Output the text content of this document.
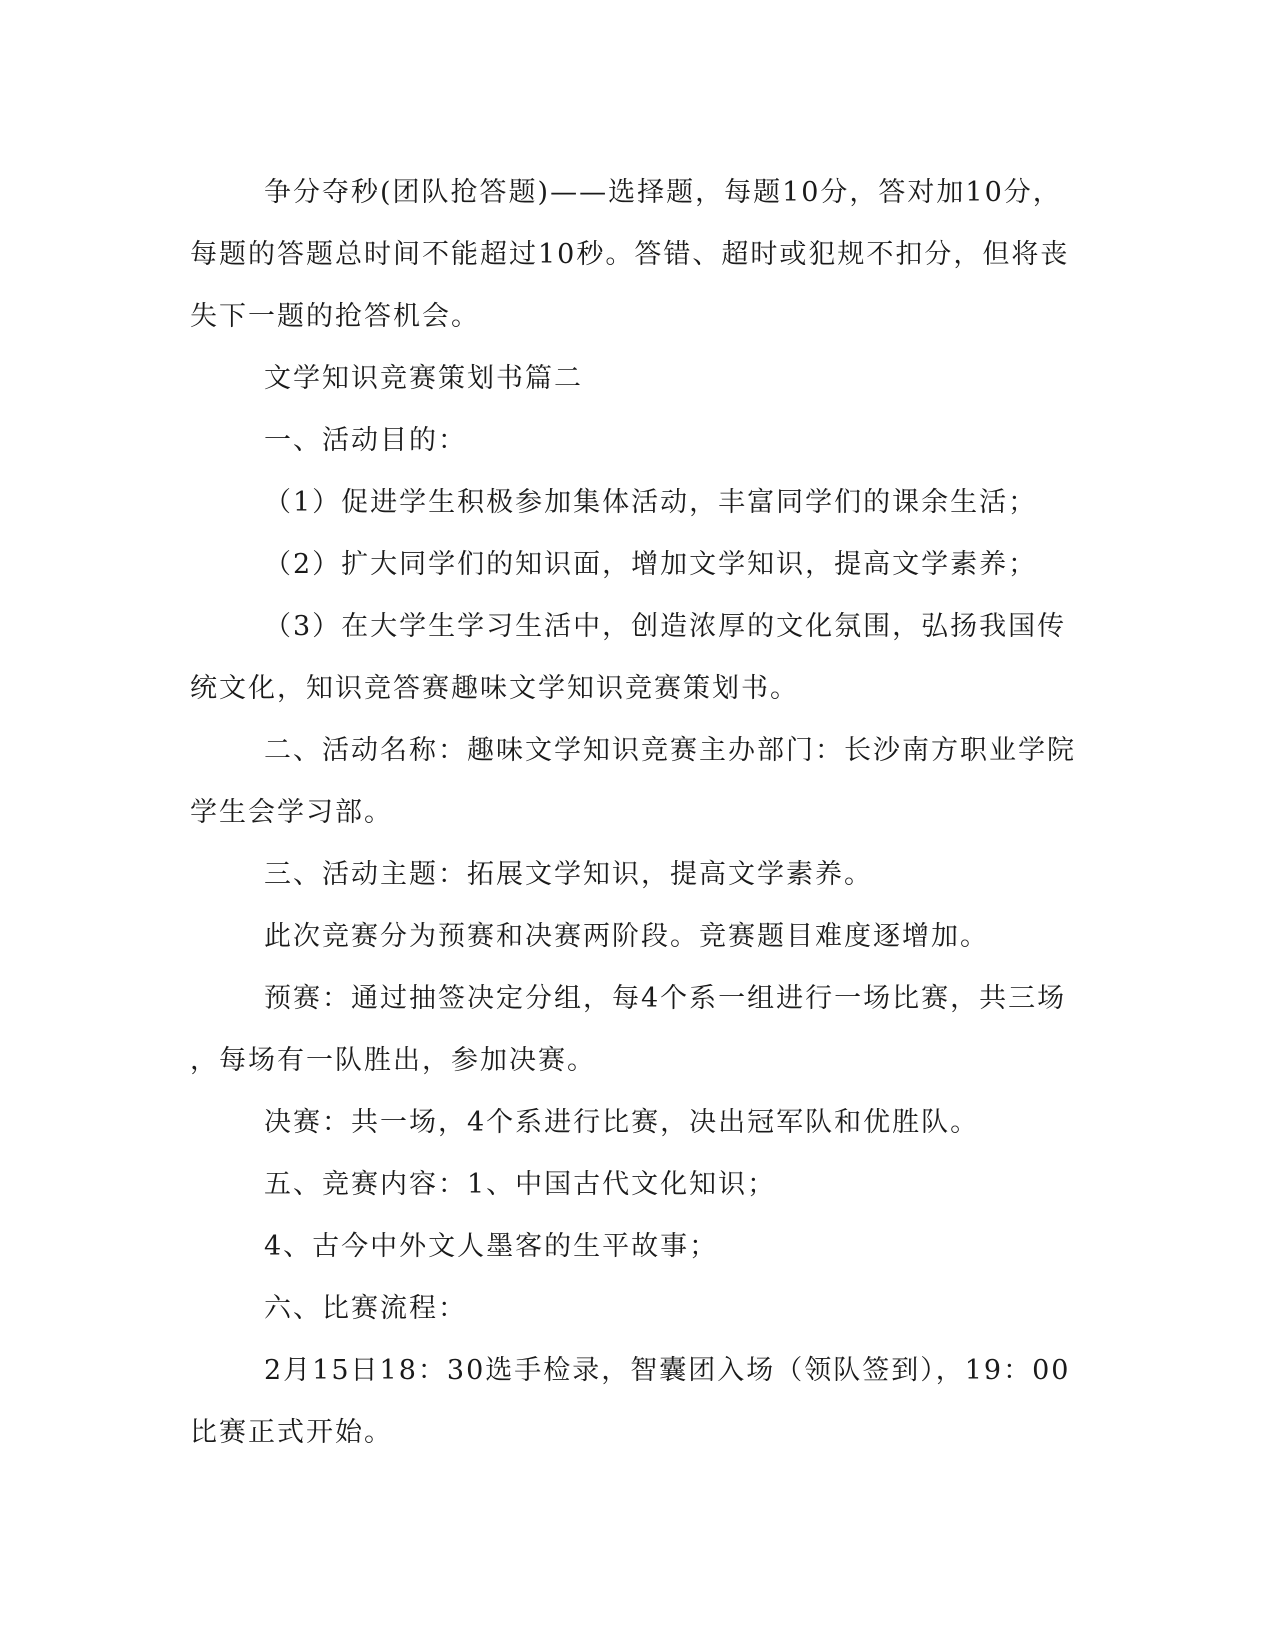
争分夺秒(团队抢答题)——选择题，每题10分，答对加10分，

每题的答题总时间不能超过10秒。答错、超时或犯规不扣分，但将丧

失下一题的抢答机会。

文学知识竞赛策划书篇二

一、活动目的：

（1）促进学生积极参加集体活动，丰富同学们的课余生活；

（2）扩大同学们的知识面，增加文学知识，提高文学素养；

（3）在大学生学习生活中，创造浓厚的文化氛围，弘扬我国传

统文化，知识竞答赛趣味文学知识竞赛策划书。

二、活动名称：趣味文学知识竞赛主办部门：长沙南方职业学院

学生会学习部。

三、活动主题：拓展文学知识，提高文学素养。

此次竞赛分为预赛和决赛两阶段。竞赛题目难度逐增加。

预赛：通过抽签决定分组，每4个系一组进行一场比赛，共三场

，每场有一队胜出，参加决赛。

决赛：共一场，4个系进行比赛，决出冠军队和优胜队。

五、竞赛内容：1、中国古代文化知识；

4、古今中外文人墨客的生平故事；

六、比赛流程：

2月15日18：30选手检录，智囊团入场（领队签到），19：00

比赛正式开始。
